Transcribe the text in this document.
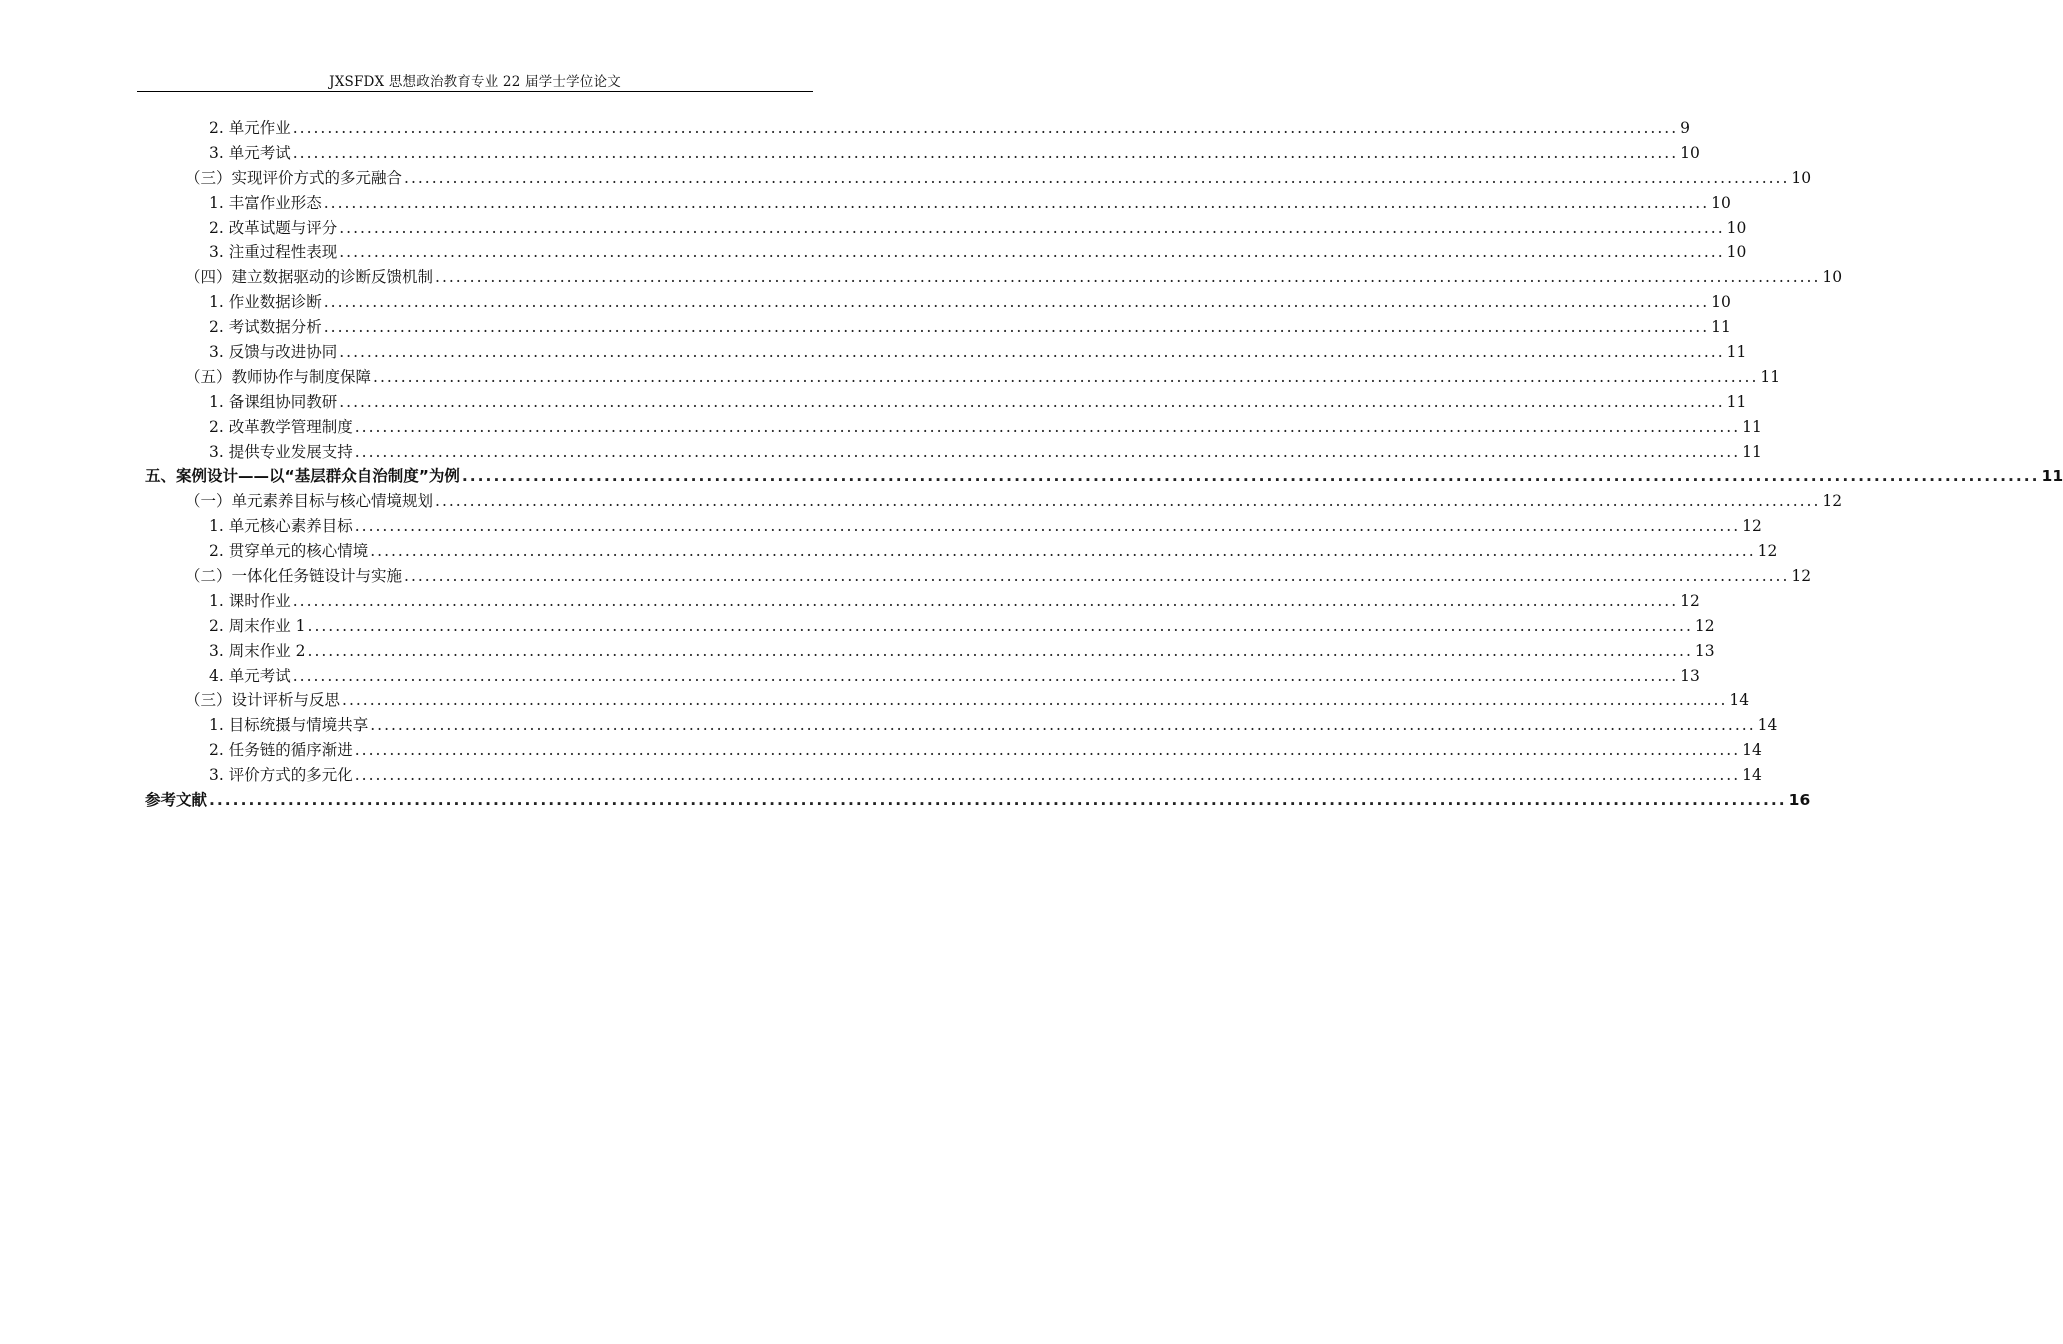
JXSFDX 思想政治教育专业 22 届学士学位论文
2. 单元作业 ........................................................................................................................................................................................................ 9
3. 单元考试 ........................................................................................................................................................................................................ 10
（三）实现评价方式的多元融合 ........................................................................................................................................................................................................ 10
1. 丰富作业形态 ........................................................................................................................................................................................................ 10
2. 改革试题与评分 ........................................................................................................................................................................................................ 10
3. 注重过程性表现 ........................................................................................................................................................................................................ 10
（四）建立数据驱动的诊断反馈机制 ........................................................................................................................................................................................................ 10
1. 作业数据诊断 ........................................................................................................................................................................................................ 10
2. 考试数据分析 ........................................................................................................................................................................................................ 11
3. 反馈与改进协同 ........................................................................................................................................................................................................ 11
（五）教师协作与制度保障 ........................................................................................................................................................................................................ 11
1. 备课组协同教研 ........................................................................................................................................................................................................ 11
2. 改革教学管理制度 ........................................................................................................................................................................................................ 11
3. 提供专业发展支持 ........................................................................................................................................................................................................ 11
五、案例设计——以“基层群众自治制度”为例 ........................................................................................................................................................................................................ 11
（一）单元素养目标与核心情境规划 ........................................................................................................................................................................................................ 12
1. 单元核心素养目标 ........................................................................................................................................................................................................ 12
2. 贯穿单元的核心情境 ........................................................................................................................................................................................................ 12
（二）一体化任务链设计与实施 ........................................................................................................................................................................................................ 12
1. 课时作业 ........................................................................................................................................................................................................ 12
2. 周末作业 1 ........................................................................................................................................................................................................ 12
3. 周末作业 2 ........................................................................................................................................................................................................ 13
4. 单元考试 ........................................................................................................................................................................................................ 13
（三）设计评析与反思 ........................................................................................................................................................................................................ 14
1. 目标统摄与情境共享 ........................................................................................................................................................................................................ 14
2. 任务链的循序渐进 ........................................................................................................................................................................................................ 14
3. 评价方式的多元化 ........................................................................................................................................................................................................ 14
参考文献 ........................................................................................................................................................................................................ 16
